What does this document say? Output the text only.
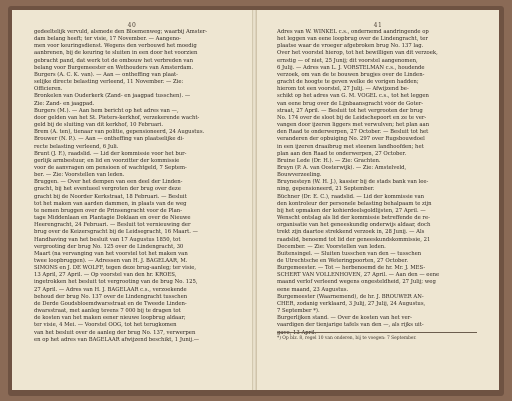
40
gedeeltelijk vervuld, alsmede den Bloemenweg; waarbij Amster-
dam belang heeft; ter visie, 17 November. — Aangeno-
men voor keuringsdienst. Wegens den verbouwd het moedig
aanbrenen, bij de keuring te sluiten in een door het voorzien
gebracht pand, dat werk tot de ombouw het verbreden van
belang voor Burgemeester en Wethouders van Amsterdam.
Burgers (A. C. K. van). — Aan — ontheffing van plaat-
selijke directe belasting verleend, 11 November. — Zie:
Officieren.
Bronkelen van Ouderkerk (Zand- en jaagpad tusschen). —
Zie: Zand- en jaagpad.
Burgers (M.). — Aan hem bericht op het adres van —,
door gelden van het St. Pieters-kerkhof, verzekerende wacht-
geld bij de sluiting van dit kerkhof, 10 Februari.
Brem (A. ten), tienaar van politie, gepensioneerd, 24 Augustus.
Brouwer (N. P.). — Aan — ontheffing van plaatselijke di-
recte belasting verleend, 6 Juli.
Brunt (J. F.), raadslid. — Lid der kommissie voor het bur-
gerlijk armbestuur, en lid en voorzitter der kommissie
voor de aanvragen om pensioen of wachtgeld, 7 Septem-
ber. — Zie: Voorstellen van leden.
Bruggen. — Over het dempen van een deel der Linden-
gracht, bij het eventueel vergroten der brug over deze
gracht bij de Noorder Kerkstraat, 18 Februari. — Besluit
tot het maken van aarden dammen, in plaats van de weg
te nemen bruggen over de Prinsengracht voor de Plan-
tage Middenlaan en Plantagie Doklaan en over de Nieuwe
Heerengracht, 24 Februari. — Besluit tot vernieuwing der
brug over de Keizersgracht bij de Leidsegracht, 16 Maart. —
Handhaving van het besluit van 17 Augustus 1850, tot
vergrooting der brug No. 125 over de Lindengracht, 30
Maart (na vervanging van het voorstel tot het maken van
twee loopbruggen). — Adressen van H. J. BAGELAAR, M.
SIMONS en J. DE WOLFF, tegen deze brug-aanleg; ter visie,
13 April, 27 April. — Op voorstel van den hr. KROES,
ingetrokken het besluit tot vergrooting van de brug No. 125,
27 April. — Adres van H. J. BAGELAAR c.s., verzoekende
behoud der brug No. 137 over de Lindengracht tusschen
de Derde Goudsbloemdwarsstraat en de Tweede Linden-
dwarsstraat, met aanleg tevens 7 000 bij te dragen tot
de kosten van het maken eener nieuwe loopbrug aldaar;
ter visie, 4 Mei. — Voorstel OOG, tot het terugkomen
van het besluit over de aanleg der brug No. 137, verwerpen
en op het adres van BAGELAAR afwijzend beschikt, 1 Junij.—
41
Adres van W. WINKEL c.s., ondernemd aandringende op
het leggen van eene loopbrug over de Lindengracht, ter
plaatse waar de vroeger afgebroken brug No. 137 lag.
Over het voorstel hierop, tot het bewilligen van dit verzoek,
ernstig — of niet, 25 Junij; dit voorstel aangenomen,
6 Julij. — Adres van L. J. VORSTELMAN c.s., houdende
verzoek, om van de te bouwen brugjes over de Linden-
gracht de hoogte te geven welke de vorigen hadden;
hierom tot een voorstel, 27 Julij. — Afwijzend be-
schikt op het adres van G. M. VOGEL c.s., tot het leggen
van eene brug over de Lijnbaansgracht vóór de Goter-
straat, 27 April. — Besluit tot het vergrooten der brug
No. 174 over de sloot bij de Leidschepoort en ze te ver-
vangen door ijzeren liggers met verwulven; het plan aan
den Raad te onderwerpen, 27 October. — Besluit tot het
veranderen der opbuiging No. 297 over Rugsbouwdoel
in een ijzeren draaibrug met steenen landhoofden; het
plan aan den Raad te onderwerpen, 27 October.
Bruine Lede (Dr. H.). — Zie: Grachten.
Bruyn (P. A. van Oosterwijk). — Zie: Amstelveld,
Bouwverzeeling.
Bruynesteyn (W. H. J.), kassier bij de stads bank van lee-
ning, gepensioneerd, 21 September.
Büchner (Dr. E. C.), raadslid. — Lid der kommissie van
den kontroleur der personele belasting behalpaam te zijn
bij het opmaken der kohierdeelsgoldlijsten, 27 April. —
Wenscht ontslag als lid der kommissie betreffende de re-
organisatie van het geneeskundig onderwijs aldaar, doch
trekt zijn daartoe strekkend verzoek in, 28 Junij. — Als
raadslid, benoemd tot lid der geneeskundskommissie, 21
December. — Zie: Voorstellen van leden.
Buitensingel. — Sluiten tusschen van den — tusschen
de Utrechtsche en Weteringpoorten, 27 October.
Burgemeester. — Tot — herbenoemd de hr. Mr. J. MES-
SCHERT VAN VOLLENHOVEN, 27 April. — Aan den — eene
maand verlof verleend wegens ongesteldheid, 27 Julij; weg
eene maand, 23 Augustus.
Burgemeester (Waarnemend), de hr. J. BROUWER AN-
CHER, zodanig verklaard, 3 Julij, 27 Julij, 24 Augustus,
7 September *).
Burgerlijken stand. — Over de kosten van het ver-
vaardigen der tienjarige tafels van den —, als rijks uit-
gave, 13 April.
*) Op blz. 8, regel 10 van onderen, bij te voegen: 7 September.
